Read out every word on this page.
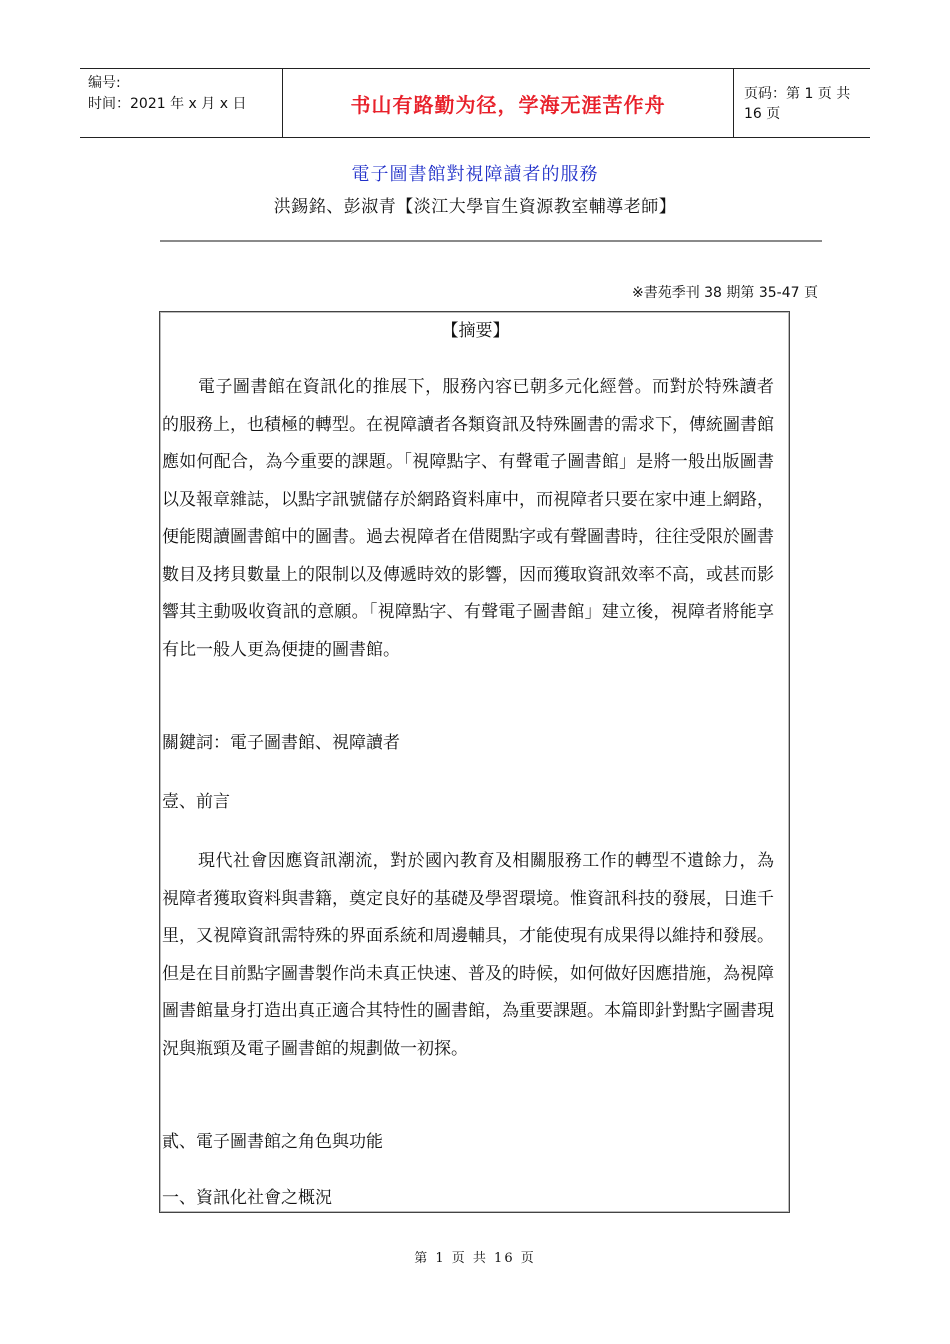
编号:
时间：2021 年 x 月 x 日	书山有路勤为径，学海无涯苦作舟	页码：第 1 页 共 16 页
電子圖書館對視障讀者的服務
洪錫銘、彭淑青【淡江大學盲生資源教室輔導老師】
※書苑季刊 38 期第 35-47 頁
【摘要】

電子圖書館在資訊化的推展下，服務內容已朝多元化經營。而對於特殊讀者的服務上，也積極的轉型。在視障讀者各類資訊及特殊圖書的需求下，傳統圖書館應如何配合，為今重要的課題。「視障點字、有聲電子圖書館」是將一般出版圖書以及報章雜誌，以點字訊號儲存於網路資料庫中，而視障者只要在家中連上網路，便能閱讀圖書館中的圖書。過去視障者在借閱點字或有聲圖書時，往往受限於圖書數目及拷貝數量上的限制以及傳遞時效的影響，因而獲取資訊效率不高，或甚而影響其主動吸收資訊的意願。「視障點字、有聲電子圖書館」建立後，視障者將能享有比一般人更為便捷的圖書館。

關鍵詞：電子圖書館、視障讀者

壹、前言

現代社會因應資訊潮流，對於國內教育及相關服務工作的轉型不遺餘力，為視障者獲取資料與書籍，奠定良好的基礎及學習環境。惟資訊科技的發展，日進千里，又視障資訊需特殊的界面系統和周邊輔具，才能使現有成果得以維持和發展。但是在目前點字圖書製作尚未真正快速、普及的時候，如何做好因應措施，為視障圖書館量身打造出真正適合其特性的圖書館，為重要課題。本篇即針對點字圖書現況與瓶頸及電子圖書館的規劃做一初探。

貳、電子圖書館之角色與功能

一、資訊化社會之概況

第 1 页 共 16 页
